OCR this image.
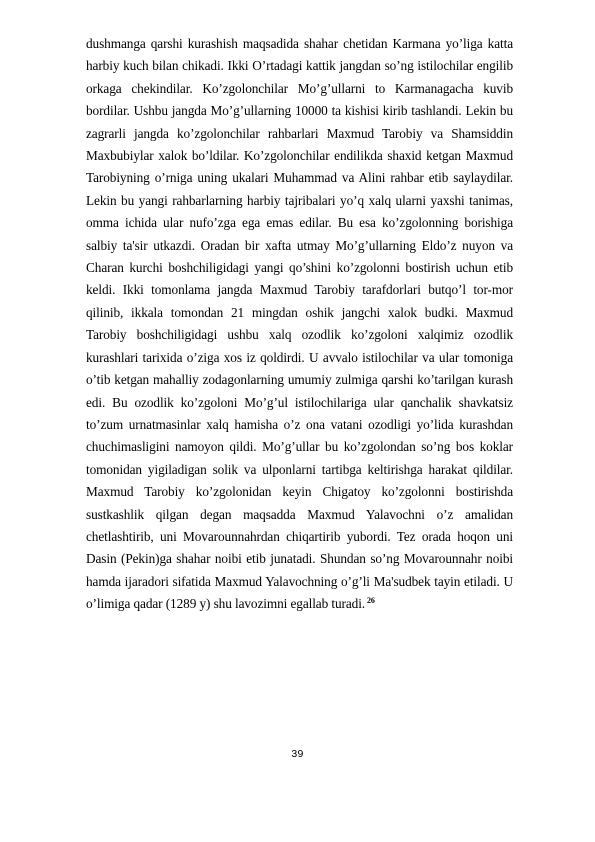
dushmanga qarshi kurashish maqsadida shahar chetidan Karmana yo’liga katta harbiy kuch bilan chikadi. Ikki O’rtadagi kattik jangdan so’ng istilochilar engilib orkaga chekindilar. Ko’zgolonchilar Mo’g’ullarni to Karmanagacha kuvib bordilar. Ushbu jangda Mo’g’ullarning 10000 ta kishisi kirib tashlandi. Lekin bu zagrarli jangda ko’zgolonchilar rahbarlari Maxmud Tarobiy va Shamsiddin Maxbubiylar xalok bo’ldilar. Ko’zgolonchilar endilikda shaxid ketgan Maxmud Tarobiyning o’rniga uning ukalari Muhammad va Alini rahbar etib saylaydilar. Lekin bu yangi rahbarlarning harbiy tajribalari yo’q xalq ularni yaxshi tanimas, omma ichida ular nufo’zga ega emas edilar. Bu esa ko’zgolonning borishiga salbiy ta'sir utkazdi. Oradan bir xafta utmay Mo’g’ullarning Eldo’z nuyon va Charan kurchi boshchiligidagi yangi qo’shini ko’zgolonni bostirish uchun etib keldi. Ikki tomonlama jangda Maxmud Tarobiy tarafdorlari butqo’l tor-mor qilinib, ikkala tomondan 21 mingdan oshik jangchi xalok budki. Maxmud Tarobiy boshchiligidagi ushbu xalq ozodlik ko’zgoloni xalqimiz ozodlik kurashlari tarixida o’ziga xos iz qoldirdi. U avvalo istilochilar va ular tomoniga o’tib ketgan mahalliy zodagonlarning umumiy zulmiga qarshi ko’tarilgan kurash edi. Bu ozodlik ko’zgoloni Mo’g’ul istilochilariga ular qanchalik shavkatsiz to’zum urnatmasinlar xalq hamisha o’z ona vatani ozodligi yo’lida kurashdan chuchimasligini namoyon qildi. Mo’g’ullar bu ko’zgolondan so’ng bos koklar tomonidan yigiladigan solik va ulponlarni tartibga keltirishga harakat qildilar. Maxmud Tarobiy ko’zgolonidan keyin Chigatoy ko’zgolonni bostirishda sustkashlik qilgan degan maqsadda Maxmud Yalavochni o’z amalidan chetlashtirib, uni Movarounnahrdan chiqartirib yubordi. Tez orada hoqon uni Dasin (Pekin)ga shahar noibi etib junatadi. Shundan so’ng Movarounnahr noibi hamda ijaradori sifatida Maxmud Yalavochning o’g’li Ma'sudbek tayin etiladi. U o’limiga qadar (1289 y) shu lavozimni egallab turadi. $^{26}$

39
